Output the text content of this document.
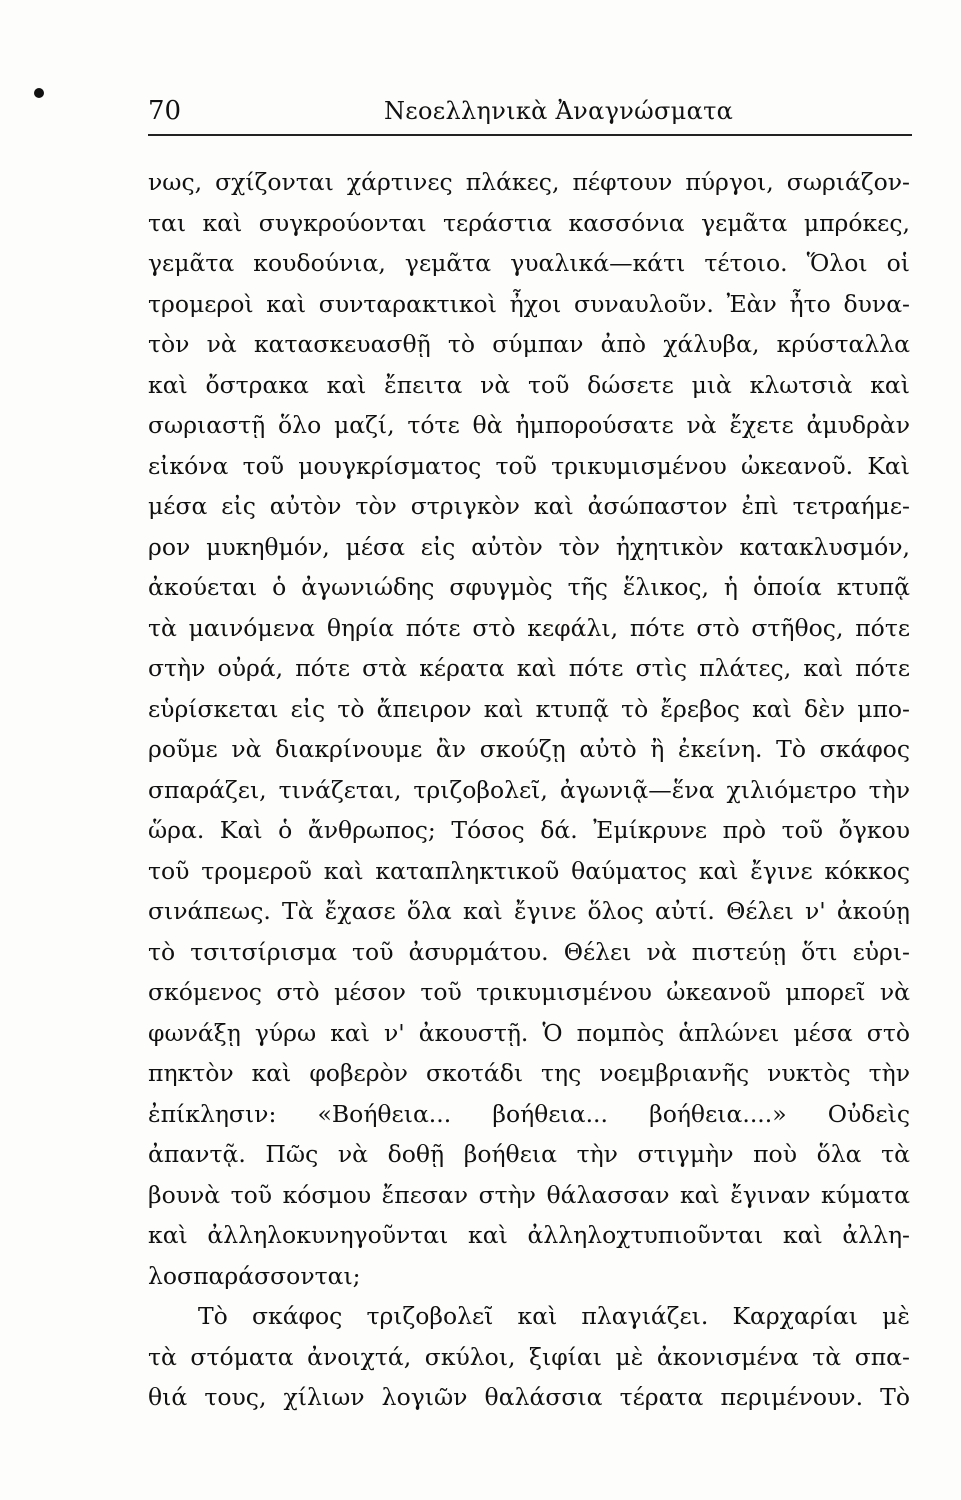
70	Νεοελληνικὰ Ἀναγνώσματα
νως, σχίζονται χάρτινες πλάκες, πέφτουν πύργοι, σωριάζον-
ται καὶ συγκρούονται τεράστια κασσόνια γεμᾶτα μπρόκες,
γεμᾶτα κουδούνια, γεμᾶτα γυαλικά—κάτι τέτοιο. Ὅλοι οἱ
τρομεροὶ καὶ συνταρακτικοὶ ἦχοι συναυλοῦν. Ἐὰν ἦτο δυνα-
τὸν νὰ κατασκευασθῇ τὸ σύμπαν ἀπὸ χάλυβα, κρύσταλλα
καὶ ὄστρακα καὶ ἔπειτα νὰ τοῦ δώσετε μιὰ κλωτσιὰ καὶ
σωριαστῇ ὅλο μαζί, τότε θὰ ἠμπορούσατε νὰ ἔχετε ἀμυδρὰν
εἰκόνα τοῦ μουγκρίσματος τοῦ τρικυμισμένου ὠκεανοῦ. Καὶ
μέσα εἰς αὐτὸν τὸν στριγκὸν καὶ ἀσώπαστον ἐπὶ τετραήμε-
ρον μυκηθμόν, μέσα εἰς αὐτὸν τὸν ἠχητικὸν κατακλυσμόν,
ἀκούεται ὁ ἀγωνιώδης σφυγμὸς τῆς ἕλικος, ἡ ὁποία κτυπᾷ
τὰ μαινόμενα θηρία πότε στὸ κεφάλι, πότε στὸ στῆθος, πότε
στὴν οὐρά, πότε στὰ κέρατα καὶ πότε στὶς πλάτες, καὶ πότε
εὑρίσκεται εἰς τὸ ἄπειρον καὶ κτυπᾷ τὸ ἔρεβος καὶ δὲν μπο-
ροῦμε νὰ διακρίνουμε ἂν σκούζῃ αὐτὸ ἢ ἐκείνη. Τὸ σκάφος
σπαράζει, τινάζεται, τριζοβολεῖ, ἀγωνιᾷ—ἕνα χιλιόμετρο τὴν
ὥρα. Καὶ ὁ ἄνθρωπος; Τόσος δά. Ἐμίκρυνε πρὸ τοῦ ὄγκου
τοῦ τρομεροῦ καὶ καταπληκτικοῦ θαύματος καὶ ἔγινε κόκκος
σινάπεως. Τὰ ἔχασε ὅλα καὶ ἔγινε ὅλος αὐτί. Θέλει ν' ἀκούῃ
τὸ τσιτσίρισμα τοῦ ἀσυρμάτου. Θέλει νὰ πιστεύῃ ὅτι εὑρι-
σκόμενος στὸ μέσον τοῦ τρικυμισμένου ὠκεανοῦ μπορεῖ νὰ
φωνάξῃ γύρω καὶ ν' ἀκουστῇ. Ὁ πομπὸς ἁπλώνει μέσα στὸ
πηκτὸν καὶ φοβερὸν σκοτάδι της νοεμβριανῆς νυκτὸς τὴν
ἐπίκλησιν: «Βοήθεια... βοήθεια... βοήθεια....» Οὐδεὶς
ἀπαντᾷ. Πῶς νὰ δοθῇ βοήθεια τὴν στιγμὴν ποὺ ὅλα τὰ
βουνὰ τοῦ κόσμου ἔπεσαν στὴν θάλασσαν καὶ ἔγιναν κύματα
καὶ ἀλληλοκυνηγοῦνται καὶ ἀλληλοχτυπιοῦνται καὶ ἀλλη-
λοσπαράσσονται;
Τὸ σκάφος τριζοβολεῖ καὶ πλαγιάζει. Καρχαρίαι μὲ
τὰ στόματα ἀνοιχτά, σκύλοι, ξιφίαι μὲ ἀκονισμένα τὰ σπα-
θιά τους, χίλιων λογιῶν θαλάσσια τέρατα περιμένουν. Τὸ
